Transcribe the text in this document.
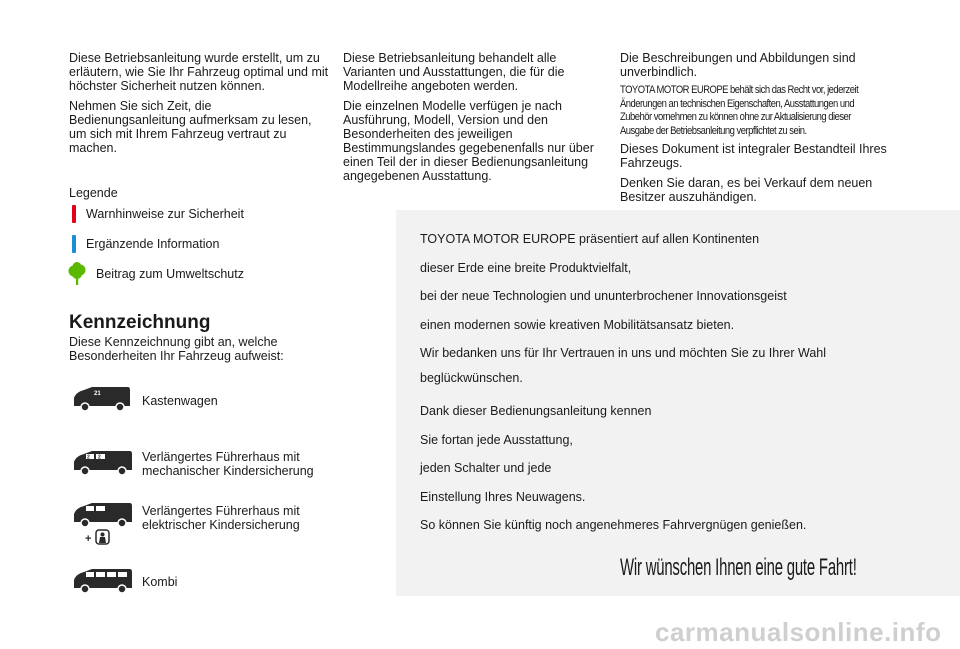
Diese Betriebsanleitung wurde erstellt, um zu erläutern, wie Sie Ihr Fahrzeug optimal und mit höchster Sicherheit nutzen können.

Nehmen Sie sich Zeit, die Bedienungsanleitung aufmerksam zu lesen, um sich mit Ihrem Fahrzeug vertraut zu machen.

Diese Betriebsanleitung behandelt alle Varianten und Ausstattungen, die für die Modellreihe angeboten werden.

Die einzelnen Modelle verfügen je nach Ausführung, Modell, Version und den Besonderheiten des jeweiligen Bestimmungslandes gegebenenfalls nur über einen Teil der in dieser Bedienungsanleitung angegebenen Ausstattung.

Die Beschreibungen und Abbildungen sind unverbindlich.

TOYOTA MOTOR EUROPE behält sich das Recht vor, jederzeit Änderungen an technischen Eigenschaften, Ausstattungen und Zubehör vornehmen zu können ohne zur Aktualisierung dieser Ausgabe der Betriebsanleitung verpflichtet zu sein.

Dieses Dokument ist integraler Bestandteil Ihres Fahrzeugs.

Denken Sie daran, es bei Verkauf dem neuen Besitzer auszuhändigen.

Legende
Warnhinweise zur Sicherheit
Ergänzende Information
Beitrag zum Umweltschutz
Kennzeichnung
Diese Kennzeichnung gibt an, welche Besonderheiten Ihr Fahrzeug aufweist:
21	Kastenwagen
2 2	Verlängertes Führerhaus mit mechanischer Kindersicherung
+
Verlängertes Führerhaus mit elektrischer Kindersicherung
Kombi
TOYOTA MOTOR EUROPE präsentiert auf allen Kontinenten
dieser Erde eine breite Produktvielfalt,
bei der neue Technologien und ununterbrochener Innovationsgeist
einen modernen sowie kreativen Mobilitätsansatz bieten.
Wir bedanken uns für Ihr Vertrauen in uns und möchten Sie zu Ihrer Wahl
beglückwünschen.
Dank dieser Bedienungsanleitung kennen
Sie fortan jede Ausstattung,
jeden Schalter und jede
Einstellung Ihres Neuwagens.
So können Sie künftig noch angenehmeres Fahrvergnügen genießen.
Wir wünschen Ihnen eine gute Fahrt!
carmanualsonline.info
